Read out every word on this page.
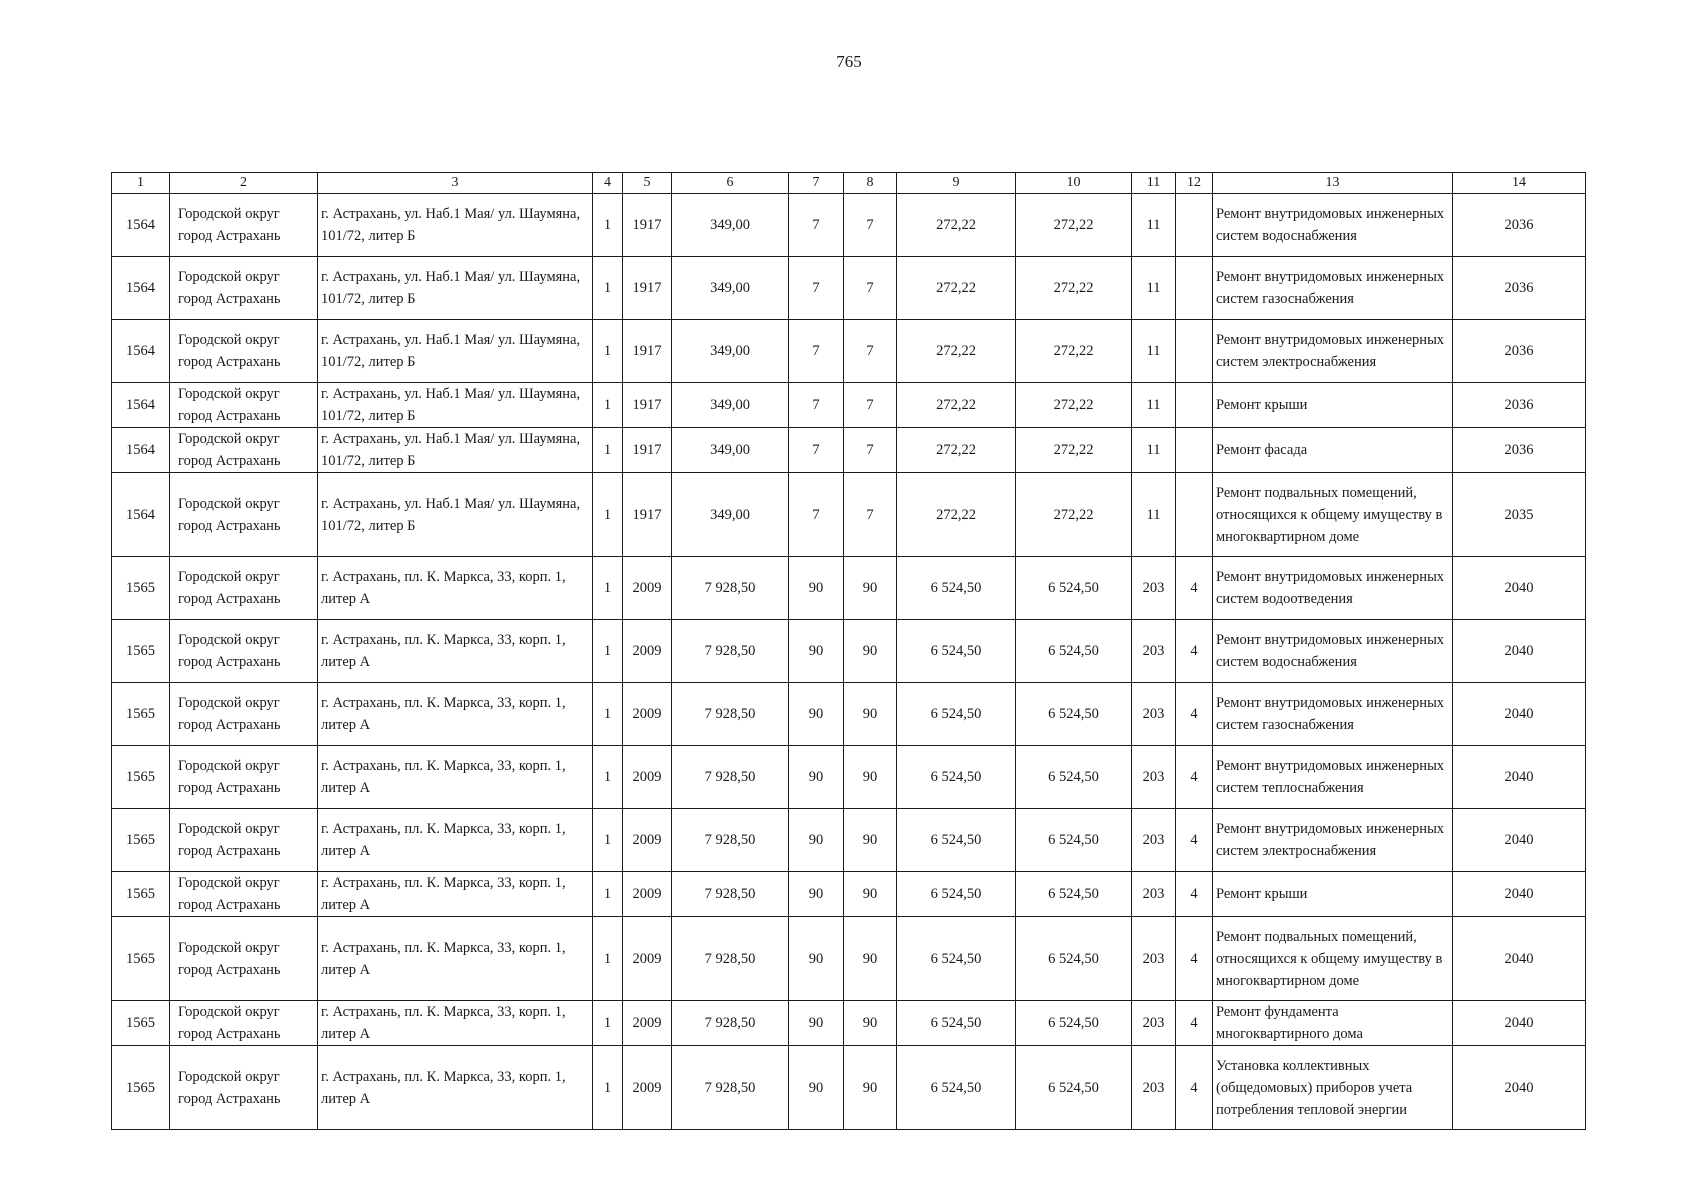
765
1	2	3	4	5	6	7	8	9	10	11	12	13	14
1564	Городской округ город Астрахань	г. Астрахань, ул. Наб.1 Мая/ ул. Шаумяна, 101/72, литер Б	1	1917	349,00	7	7	272,22	272,22	11		Ремонт внутридомовых инженерных систем водоснабжения	2036
1564	Городской округ город Астрахань	г. Астрахань, ул. Наб.1 Мая/ ул. Шаумяна, 101/72, литер Б	1	1917	349,00	7	7	272,22	272,22	11		Ремонт внутридомовых инженерных систем газоснабжения	2036
1564	Городской округ город Астрахань	г. Астрахань, ул. Наб.1 Мая/ ул. Шаумяна, 101/72, литер Б	1	1917	349,00	7	7	272,22	272,22	11		Ремонт внутридомовых инженерных систем электроснабжения	2036
1564	Городской округ город Астрахань	г. Астрахань, ул. Наб.1 Мая/ ул. Шаумяна, 101/72, литер Б	1	1917	349,00	7	7	272,22	272,22	11		Ремонт крыши	2036
1564	Городской округ город Астрахань	г. Астрахань, ул. Наб.1 Мая/ ул. Шаумяна, 101/72, литер Б	1	1917	349,00	7	7	272,22	272,22	11		Ремонт фасада	2036
1564	Городской округ город Астрахань	г. Астрахань, ул. Наб.1 Мая/ ул. Шаумяна, 101/72, литер Б	1	1917	349,00	7	7	272,22	272,22	11		Ремонт подвальных помещений, относящихся к общему имуществу в многоквартирном доме	2035
1565	Городской округ город Астрахань	г. Астрахань, пл. К. Маркса, 33, корп. 1, литер А	1	2009	7 928,50	90	90	6 524,50	6 524,50	203	4	Ремонт внутридомовых инженерных систем водоотведения	2040
1565	Городской округ город Астрахань	г. Астрахань, пл. К. Маркса, 33, корп. 1, литер А	1	2009	7 928,50	90	90	6 524,50	6 524,50	203	4	Ремонт внутридомовых инженерных систем водоснабжения	2040
1565	Городской округ город Астрахань	г. Астрахань, пл. К. Маркса, 33, корп. 1, литер А	1	2009	7 928,50	90	90	6 524,50	6 524,50	203	4	Ремонт внутридомовых инженерных систем газоснабжения	2040
1565	Городской округ город Астрахань	г. Астрахань, пл. К. Маркса, 33, корп. 1, литер А	1	2009	7 928,50	90	90	6 524,50	6 524,50	203	4	Ремонт внутридомовых инженерных систем теплоснабжения	2040
1565	Городской округ город Астрахань	г. Астрахань, пл. К. Маркса, 33, корп. 1, литер А	1	2009	7 928,50	90	90	6 524,50	6 524,50	203	4	Ремонт внутридомовых инженерных систем электроснабжения	2040
1565	Городской округ город Астрахань	г. Астрахань, пл. К. Маркса, 33, корп. 1, литер А	1	2009	7 928,50	90	90	6 524,50	6 524,50	203	4	Ремонт крыши	2040
1565	Городской округ город Астрахань	г. Астрахань, пл. К. Маркса, 33, корп. 1, литер А	1	2009	7 928,50	90	90	6 524,50	6 524,50	203	4	Ремонт подвальных помещений, относящихся к общему имуществу в многоквартирном доме	2040
1565	Городской округ город Астрахань	г. Астрахань, пл. К. Маркса, 33, корп. 1, литер А	1	2009	7 928,50	90	90	6 524,50	6 524,50	203	4	Ремонт фундамента многоквартирного дома	2040
1565	Городской округ город Астрахань	г. Астрахань, пл. К. Маркса, 33, корп. 1, литер А	1	2009	7 928,50	90	90	6 524,50	6 524,50	203	4	Установка коллективных (общедомовых) приборов учета потребления тепловой энергии	2040
